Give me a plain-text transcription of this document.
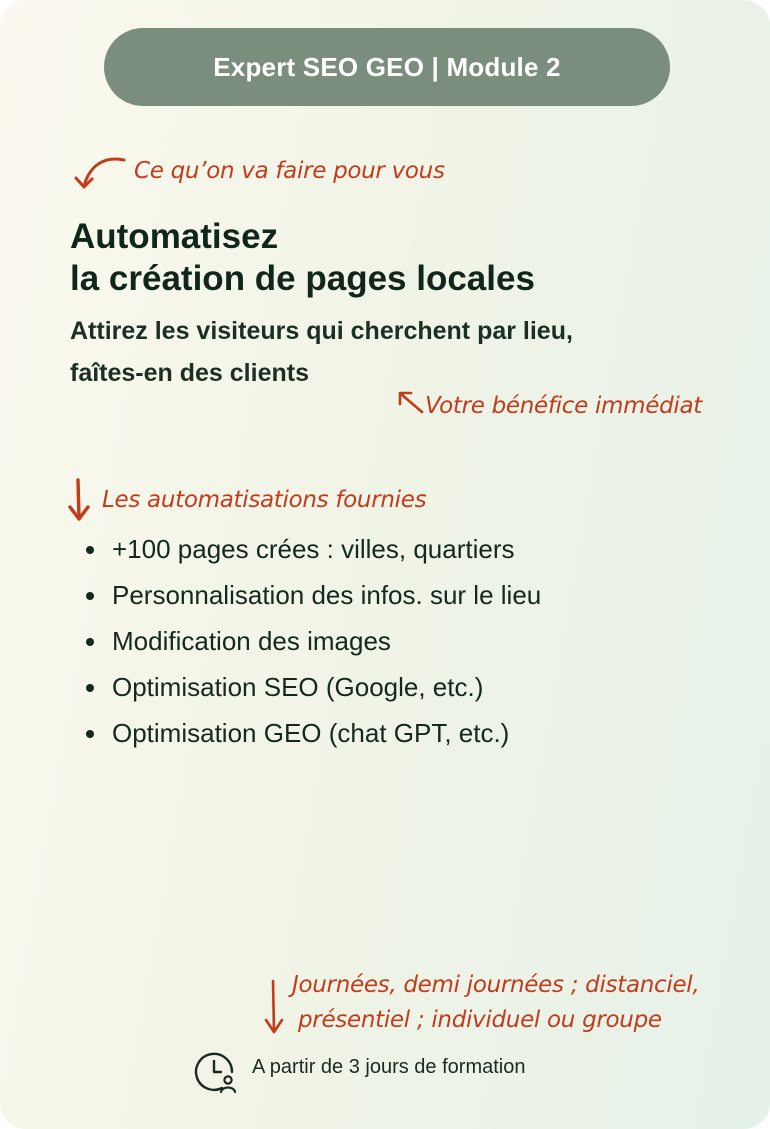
Expert SEO GEO | Module 2
Ce qu’on va faire pour vous
Automatisez
la création de pages locales

Attirez les visiteurs qui cherchent par lieu,
faîtes-en des clients

Votre bénéfice immédiat
Les automatisations fournies
+100 pages crées : villes, quartiers
Personnalisation des infos. sur le lieu
Modification des images
Optimisation SEO (Google, etc.)
Optimisation GEO (chat GPT, etc.)
Journées, demi journées ; distanciel,
présentiel ; individuel ou groupe
A partir de 3 jours de formation
